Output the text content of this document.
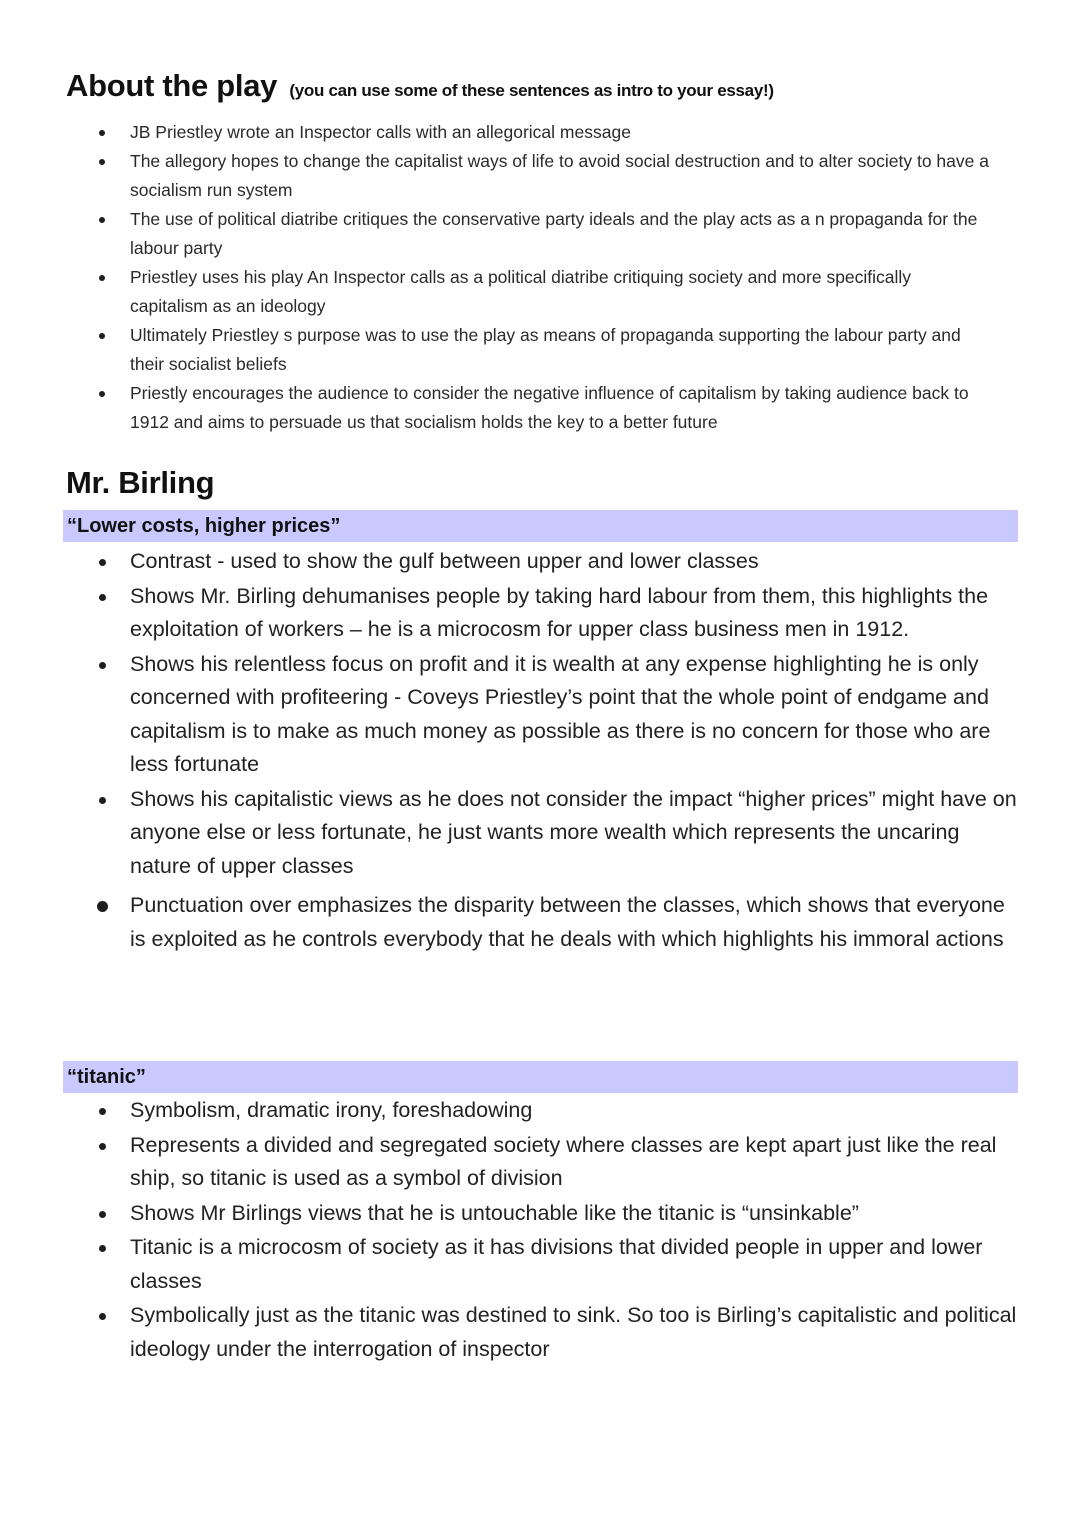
About the play (you can use some of these sentences as intro to your essay!)
JB Priestley wrote an Inspector calls with an allegorical message
The allegory hopes to change the capitalist ways of life to avoid social destruction and to alter society to have a socialism run system
The use of political diatribe critiques the conservative party ideals and the play acts as a n propaganda for the labour party
Priestley uses his play An Inspector calls as a political diatribe critiquing society and more specifically capitalism as an ideology
Ultimately Priestley s purpose was to use the play as means of propaganda supporting the labour party and their socialist beliefs
Priestly encourages the audience to consider the negative influence of capitalism by taking audience back to 1912 and aims to persuade us that socialism holds the key to a better future
Mr. Birling
“Lower costs, higher prices”
Contrast - used to show the gulf between upper and lower classes
Shows Mr. Birling dehumanises people by taking hard labour from them, this highlights the exploitation of workers – he is a microcosm for upper class business men in 1912.
Shows his relentless focus on profit and it is wealth at any expense highlighting he is only concerned with profiteering - Coveys Priestley’s point that the whole point of endgame and capitalism is to make as much money as possible as there is no concern for those who are less fortunate
Shows his capitalistic views as he does not consider the impact “higher prices” might have on anyone else or less fortunate, he just wants more wealth which represents the uncaring nature of upper classes
Punctuation over emphasizes the disparity between the classes, which shows that everyone is exploited as he controls everybody that he deals with which highlights his immoral actions
“titanic”
Symbolism, dramatic irony, foreshadowing
Represents a divided and segregated society where classes are kept apart just like the real ship, so titanic is used as a symbol of division
Shows Mr Birlings views that he is untouchable like the titanic is “unsinkable”
Titanic is a microcosm of society as it has divisions that divided people in upper and lower classes
Symbolically just as the titanic was destined to sink. So too is Birling’s capitalistic and political ideology under the interrogation of inspector
